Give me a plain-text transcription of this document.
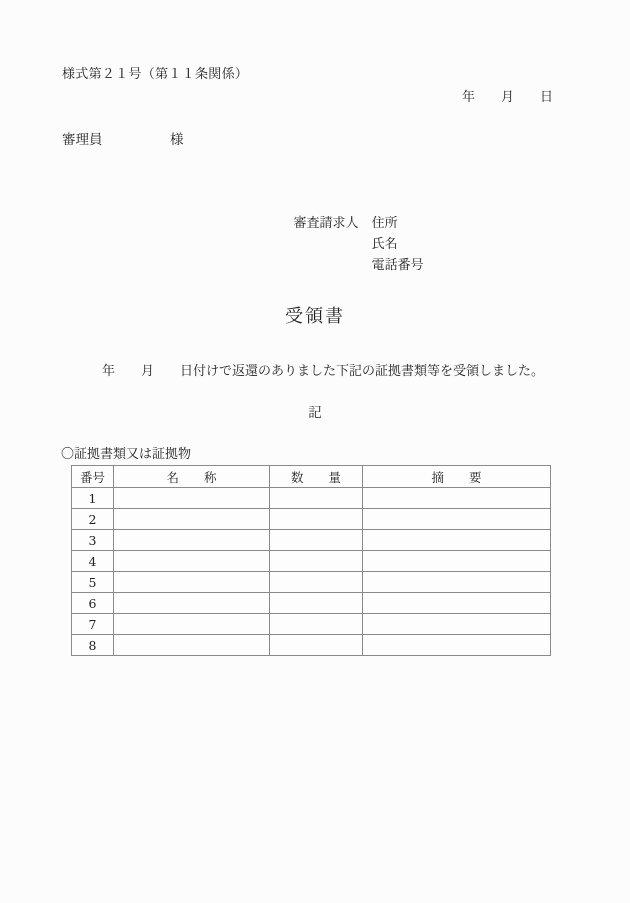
様式第２１号（第１１条関係）
年　　月　　日
審理員　　　　　様

審査請求人　 住所
氏名
電話番号

受領書
年　　月　　日付けで返還のありました下記の証拠書類等を受領しました。
記
〇証拠書類又は証拠物
番号	名　　称	数　　量	摘　　要
1			
2			
3			
4			
5			
6			
7			
8			
